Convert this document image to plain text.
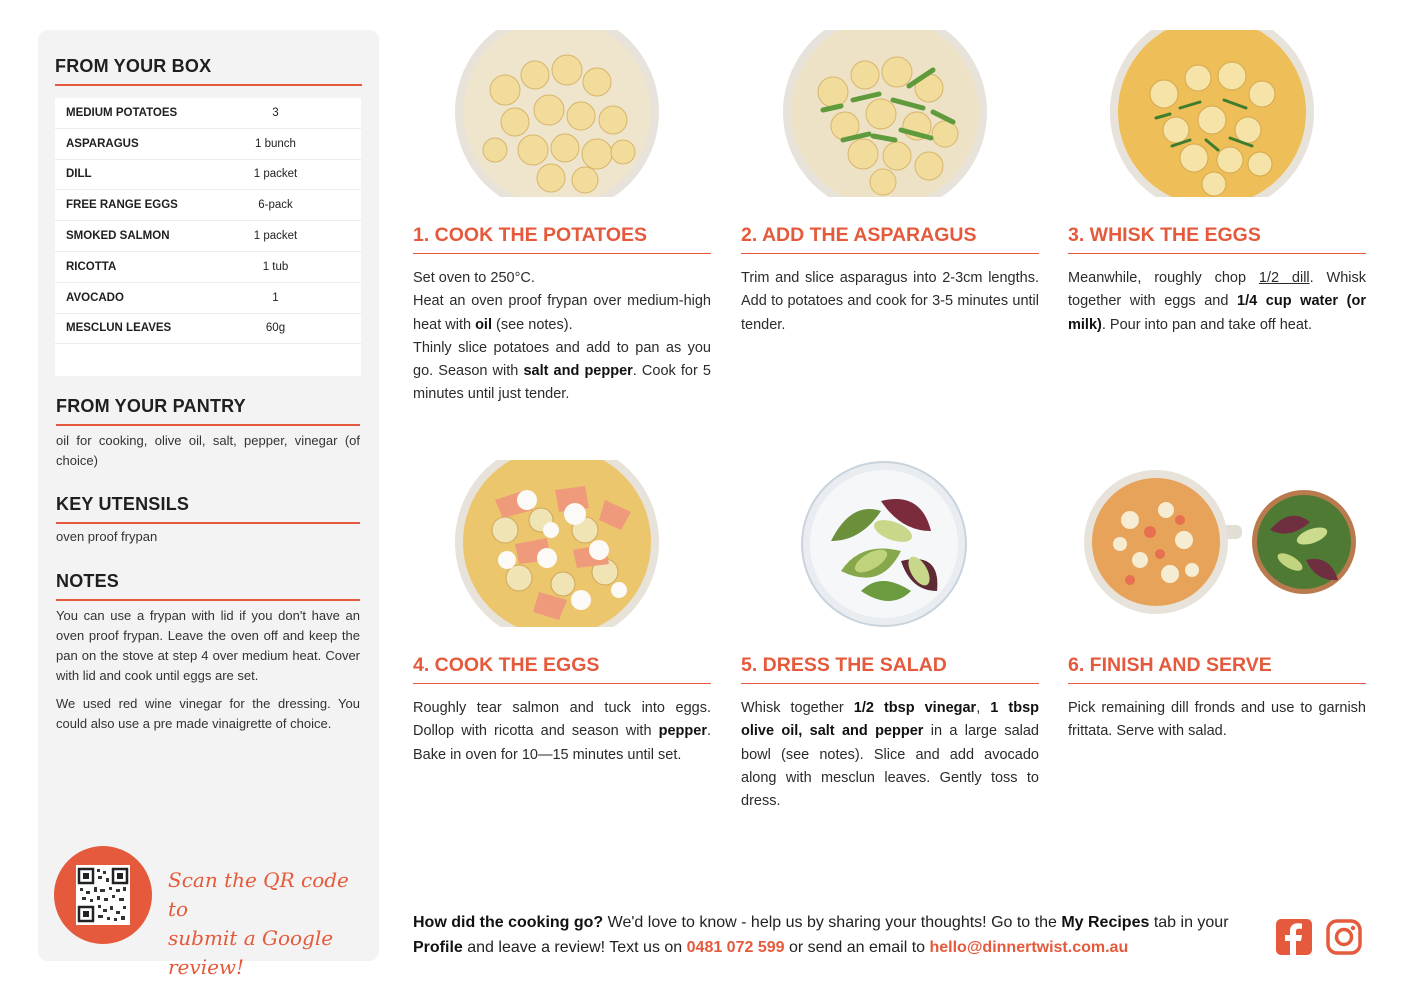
FROM YOUR BOX
MEDIUM POTATOES	3
ASPARAGUS	1 bunch
DILL	1 packet
FREE RANGE EGGS	6-pack
SMOKED SALMON	1 packet
RICOTTA	1 tub
AVOCADO	1
MESCLUN LEAVES	60g
FROM YOUR PANTRY
oil for cooking, olive oil, salt, pepper, vinegar (of choice)
KEY UTENSILS
oven proof frypan
NOTES

You can use a frypan with lid if you don't have an oven proof frypan. Leave the oven off and keep the pan on the stove at step 4 over medium heat. Cover with lid and cook until eggs are set.

We used red wine vinegar for the dressing. You could also use a pre made vinaigrette of choice.

Scan the QR code to
submit a Google review!
1. COOK THE POTATOES
Set oven to 250°C.
Heat an oven proof frypan over medium-high heat with oil (see notes).
Thinly slice potatoes and add to pan as you go. Season with salt and pepper. Cook for 5 minutes until just tender.
2. ADD THE ASPARAGUS
Trim and slice asparagus into 2-3cm lengths. Add to potatoes and cook for 3-5 minutes until tender.
3. WHISK THE EGGS
Meanwhile, roughly chop 1/2 dill. Whisk together with eggs and 1/4 cup water (or milk). Pour into pan and take off heat.
4. COOK THE EGGS
Roughly tear salmon and tuck into eggs. Dollop with ricotta and season with pepper. Bake in oven for 10—15 minutes until set.
5. DRESS THE SALAD
Whisk together 1/2 tbsp vinegar, 1 tbsp olive oil, salt and pepper in a large salad bowl (see notes). Slice and add avocado along with mesclun leaves. Gently toss to dress.
6. FINISH AND SERVE
Pick remaining dill fronds and use to garnish frittata. Serve with salad.
How did the cooking go? We'd love to know - help us by sharing your thoughts! Go to the My Recipes tab in your Profile and leave a review! Text us on 0481 072 599 or send an email to hello@dinnertwist.com.au
